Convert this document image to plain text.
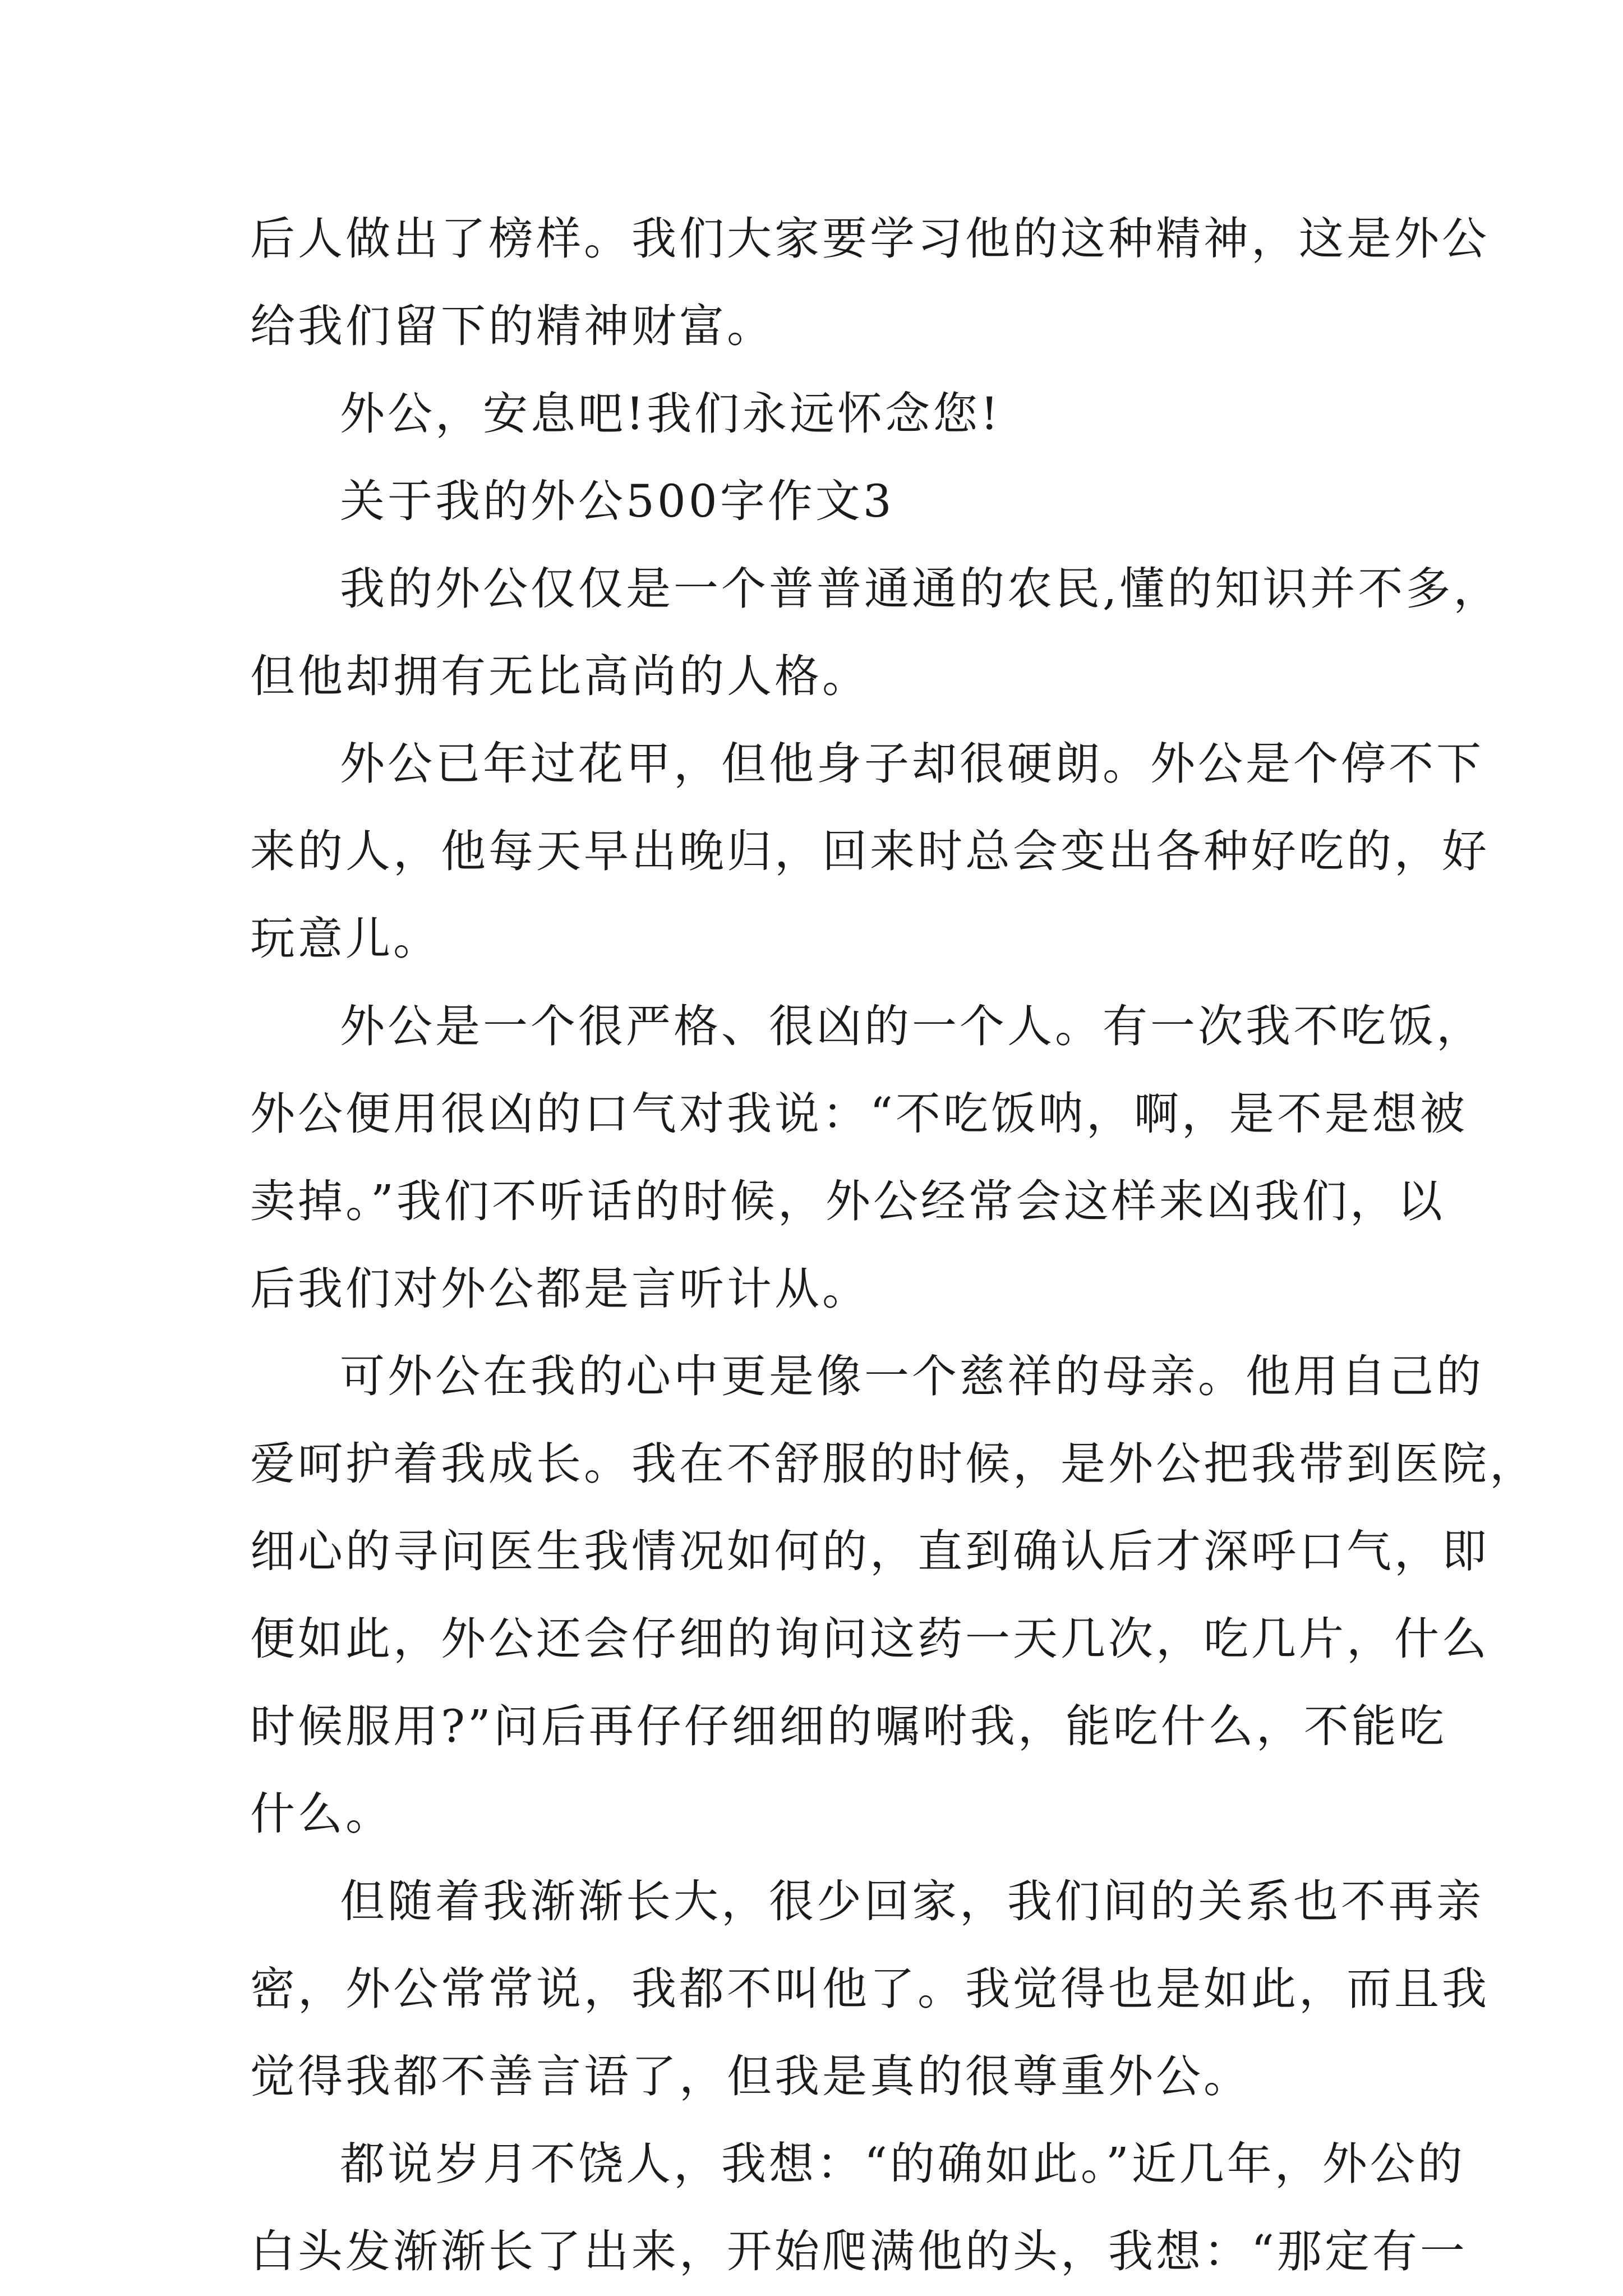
后人做出了榜样。我们大家要学习他的这种精神，这是外公
给我们留下的精神财富。
外公，安息吧!我们永远怀念您!
关于我的外公500字作文3
我的外公仅仅是一个普普通通的农民,懂的知识并不多，
但他却拥有无比高尚的人格。
外公已年过花甲，但他身子却很硬朗。外公是个停不下
来的人，他每天早出晚归，回来时总会变出各种好吃的，好
玩意儿。
外公是一个很严格、很凶的一个人。有一次我不吃饭，
外公便用很凶的口气对我说：“不吃饭呐，啊，是不是想被
卖掉。”我们不听话的时候，外公经常会这样来凶我们，以
后我们对外公都是言听计从。
可外公在我的心中更是像一个慈祥的母亲。他用自己的
爱呵护着我成长。我在不舒服的时候，是外公把我带到医院，
细心的寻问医生我情况如何的，直到确认后才深呼口气，即
便如此，外公还会仔细的询问这药一天几次，吃几片，什么
时候服用?”问后再仔仔细细的嘱咐我，能吃什么，不能吃
什么。
但随着我渐渐长大，很少回家，我们间的关系也不再亲
密，外公常常说，我都不叫他了。我觉得也是如此，而且我
觉得我都不善言语了，但我是真的很尊重外公。
都说岁月不饶人，我想：“的确如此。”近几年，外公的
白头发渐渐长了出来，开始爬满他的头，我想：“那定有一
